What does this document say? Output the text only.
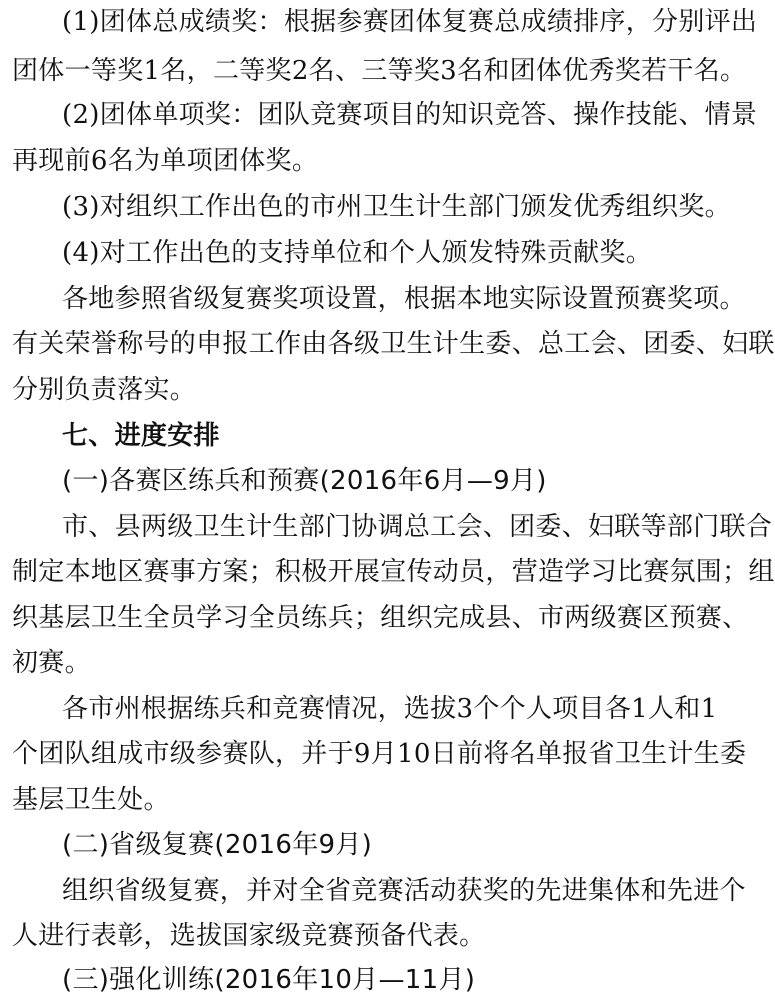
(1)团体总成绩奖：根据参赛团体复赛总成绩排序，分别评出
团体一等奖1名，二等奖2名、三等奖3名和团体优秀奖若干名。
(2)团体单项奖：团队竞赛项目的知识竞答、操作技能、情景
再现前6名为单项团体奖。
(3)对组织工作出色的市州卫生计生部门颁发优秀组织奖。
(4)对工作出色的支持单位和个人颁发特殊贡献奖。
各地参照省级复赛奖项设置，根据本地实际设置预赛奖项。
有关荣誉称号的申报工作由各级卫生计生委、总工会、团委、妇联
分别负责落实。
七、进度安排
(一)各赛区练兵和预赛(2016年6月—9月)
市、县两级卫生计生部门协调总工会、团委、妇联等部门联合
制定本地区赛事方案；积极开展宣传动员，营造学习比赛氛围；组
织基层卫生全员学习全员练兵；组织完成县、市两级赛区预赛、
初赛。
各市州根据练兵和竞赛情况，选拔3个个人项目各1人和1
个团队组成市级参赛队，并于9月10日前将名单报省卫生计生委
基层卫生处。
(二)省级复赛(2016年9月)
组织省级复赛，并对全省竞赛活动获奖的先进集体和先进个
人进行表彰，选拔国家级竞赛预备代表。
(三)强化训练(2016年10月—11月)
